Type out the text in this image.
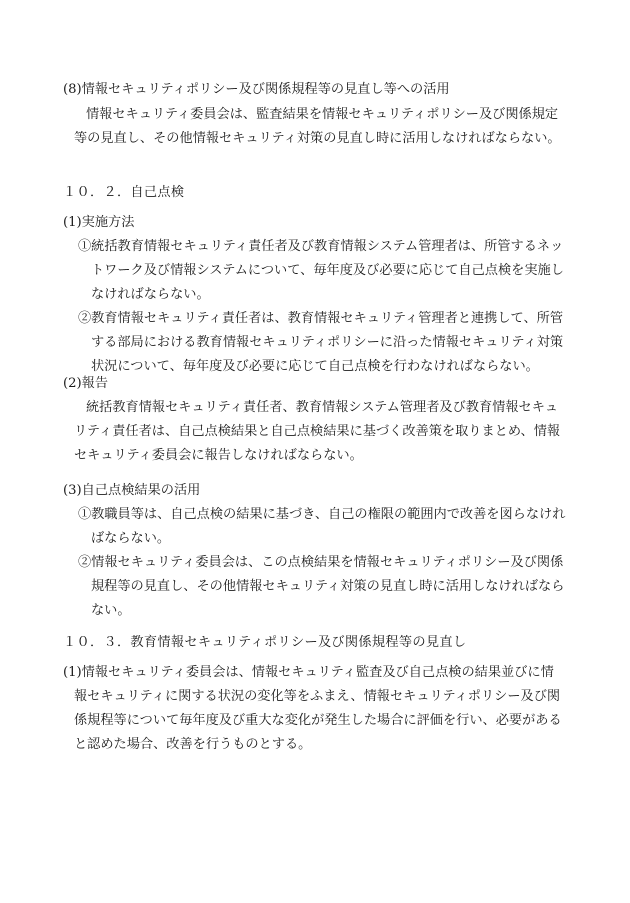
(8)情報セキュリティポリシー及び関係規程等の見直し等への活用
情報セキュリティ委員会は、監査結果を情報セキュリティポリシー及び関係規定
等の見直し、その他情報セキュリティ対策の見直し時に活用しなければならない。
１０．２．自己点検
(1)実施方法
①統括教育情報セキュリティ責任者及び教育情報システム管理者は、所管するネッ
トワーク及び情報システムについて、毎年度及び必要に応じて自己点検を実施し
なければならない。
②教育情報セキュリティ責任者は、教育情報セキュリティ管理者と連携して、所管
する部局における教育情報セキュリティポリシーに沿った情報セキュリティ対策
状況について、毎年度及び必要に応じて自己点検を行わなければならない。
(2)報告
統括教育情報セキュリティ責任者、教育情報システム管理者及び教育情報セキュ
リティ責任者は、自己点検結果と自己点検結果に基づく改善策を取りまとめ、情報
セキュリティ委員会に報告しなければならない。
(3)自己点検結果の活用
①教職員等は、自己点検の結果に基づき、自己の権限の範囲内で改善を図らなけれ
ばならない。
②情報セキュリティ委員会は、この点検結果を情報セキュリティポリシー及び関係
規程等の見直し、その他情報セキュリティ対策の見直し時に活用しなければなら
ない。
１０．３．教育情報セキュリティポリシー及び関係規程等の見直し
(1)情報セキュリティ委員会は、情報セキュリティ監査及び自己点検の結果並びに情
報セキュリティに関する状況の変化等をふまえ、情報セキュリティポリシー及び関
係規程等について毎年度及び重大な変化が発生した場合に評価を行い、必要がある
と認めた場合、改善を行うものとする。
